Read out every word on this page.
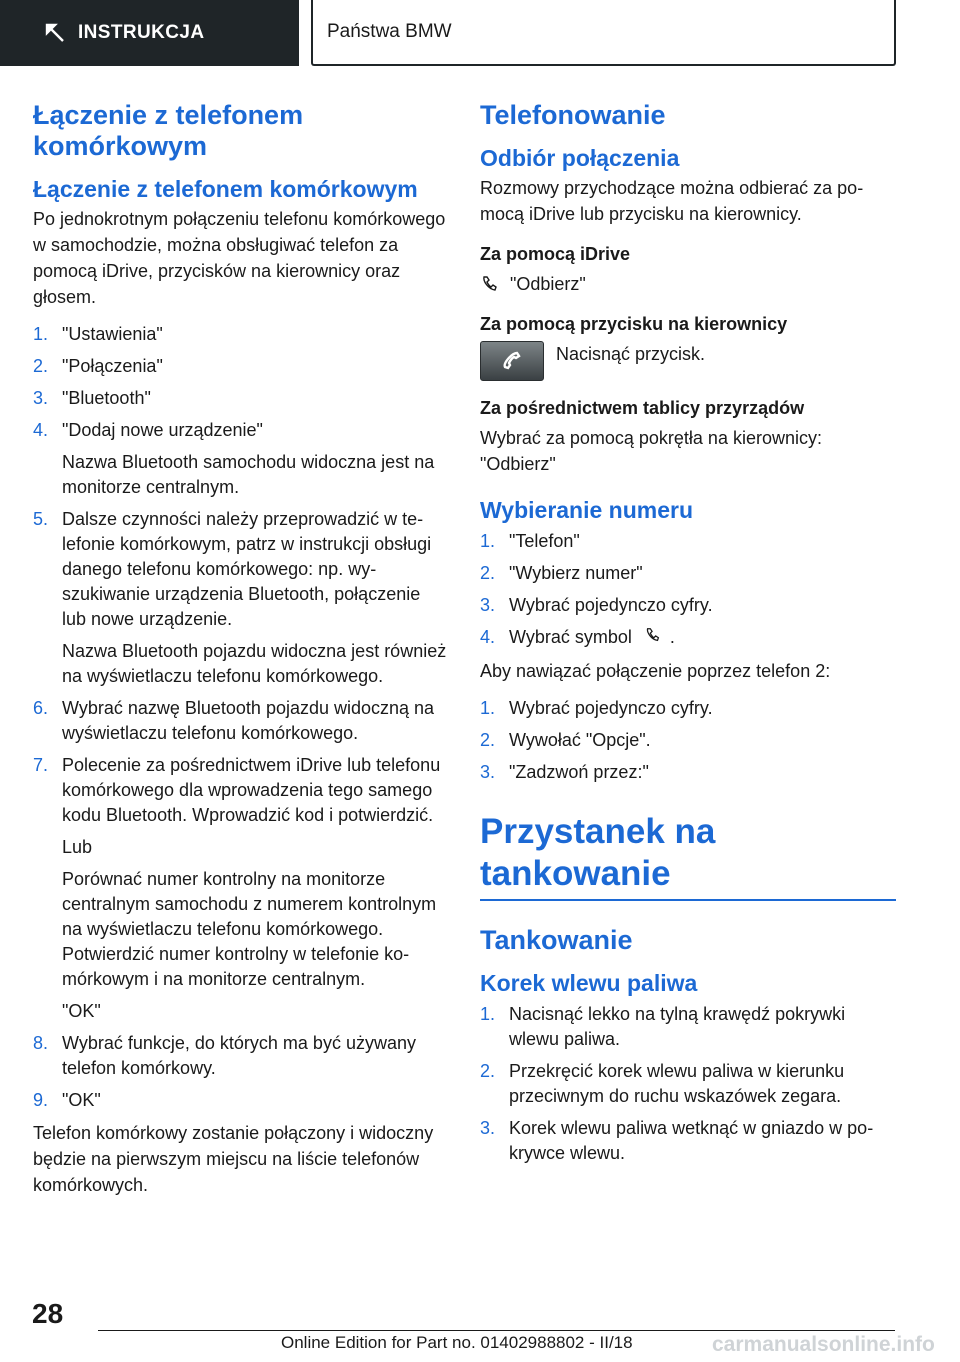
INSTRUKCJA	Państwa BMW
Łączenie z telefonem komórkowym
Łączenie z telefonem komórkowym

Po jednokrotnym połączeniu telefonu komórkowego w samochodzie, można obsługiwać telefon za pomocą iDrive, przycisków na kierownicy oraz głosem.

1. "Ustawienia"
2. "Połączenia"
3. "Bluetooth"
4. "Dodaj nowe urządzenie"
Nazwa Bluetooth samochodu widoczna jest na monitorze centralnym.
5. Dalsze czynności należy przeprowadzić w telefonie komórkowym, patrz w instrukcji obsługi danego telefonu komórkowego: np. wyszukiwanie urządzenia Bluetooth, połączenie lub nowe urządzenie.
Nazwa Bluetooth pojazdu widoczna jest również na wyświetlaczu telefonu komórkowego.
6. Wybrać nazwę Bluetooth pojazdu widoczną na wyświetlaczu telefonu komórkowego.
7. Polecenie za pośrednictwem iDrive lub telefonu komórkowego dla wprowadzenia tego samego kodu Bluetooth. Wprowadzić kod i potwierdzić.
Lub
Porównać numer kontrolny na monitorze centralnym samochodu z numerem kontrolnym na wyświetlaczu telefonu komórkowego. Potwierdzić numer kontrolny w telefonie komórkowym i na monitorze centralnym.
"OK"
8. Wybrać funkcje, do których ma być używany telefon komórkowy.
9. "OK"

Telefon komórkowy zostanie połączony i widoczny będzie na pierwszym miejscu na liście telefonów komórkowych.

Telefonowanie
Odbiór połączenia

Rozmowy przychodzące można odbierać za pomocą iDrive lub przycisku na kierownicy.

Za pomocą iDrive
"Odbierz"
Za pomocą przycisku na kierownicy
Nacisnąć przycisk.
Za pośrednictwem tablicy przyrządów

Wybrać za pomocą pokrętła na kierownicy: "Odbierz"

Wybieranie numeru
1. "Telefon"
2. "Wybierz numer"
3. Wybrać pojedynczo cyfry.
4. Wybrać symbol .

Aby nawiązać połączenie poprzez telefon 2:

1. Wybrać pojedynczo cyfry.
2. Wywołać "Opcje".
3. "Zadzwoń przez:"
Przystanek na tankowanie
Tankowanie
Korek wlewu paliwa
1. Nacisnąć lekko na tylną krawędź pokrywki wlewu paliwa.
2. Przekręcić korek wlewu paliwa w kierunku przeciwnym do ruchu wskazówek zegara.
3. Korek wlewu paliwa wetknąć w gniazdo w pokrywce wlewu.
28
Online Edition for Part no. 01402988802 - II/18	carmanualsonline.info
